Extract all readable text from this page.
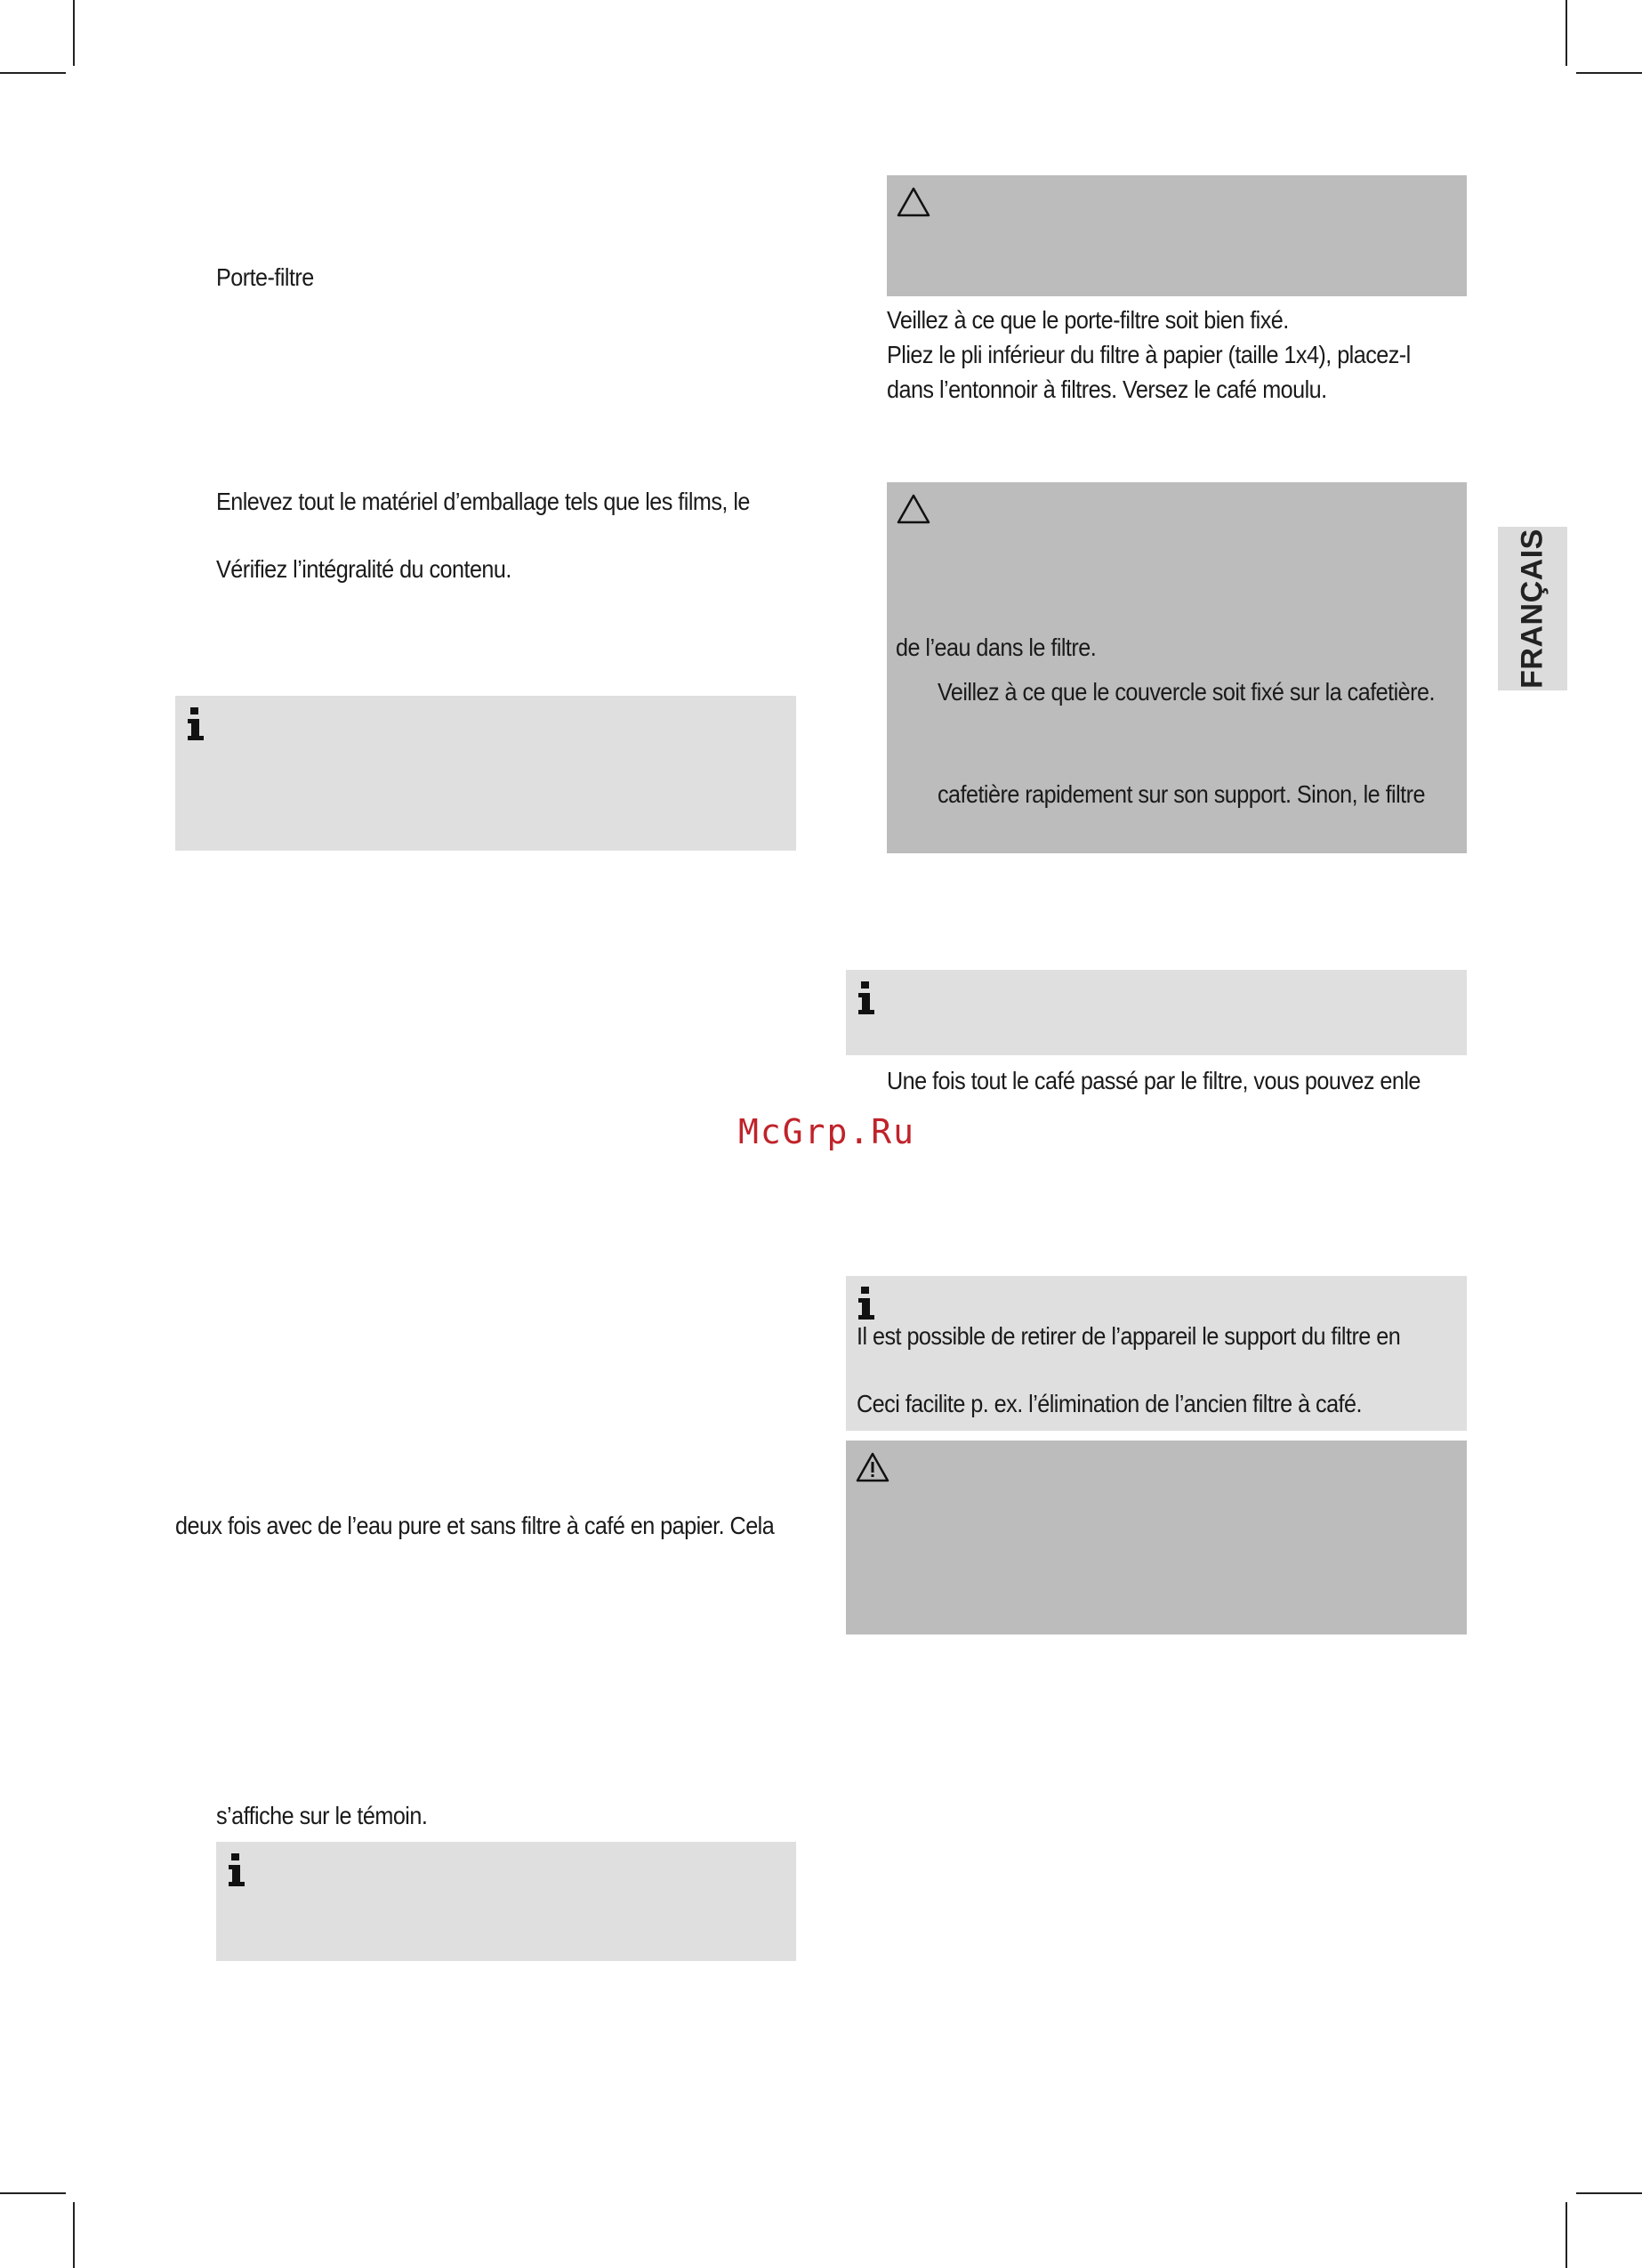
FRANÇAIS
Porte-filtre
Enlevez tout le matériel d’emballage tels que les films, le
Vérifiez l’intégralité du contenu.
deux fois avec de l’eau pure et sans filtre à café en papier. Cela
s’affiche sur le témoin.
Veillez à ce que le porte-filtre soit bien fixé.
Pliez le pli inférieur du filtre à papier (taille 1x4), placez-l
dans l’entonnoir à filtres. Versez le café moulu.
de l’eau dans le filtre.
Veillez à ce que le couvercle soit fixé sur la cafetière.
cafetière rapidement sur son support. Sinon, le filtre
Une fois tout le café passé par le filtre, vous pouvez enle
McGrp.Ru
Il est possible de retirer de l’appareil le support du filtre en
Ceci facilite p. ex. l’élimination de l’ancien filtre à café.
